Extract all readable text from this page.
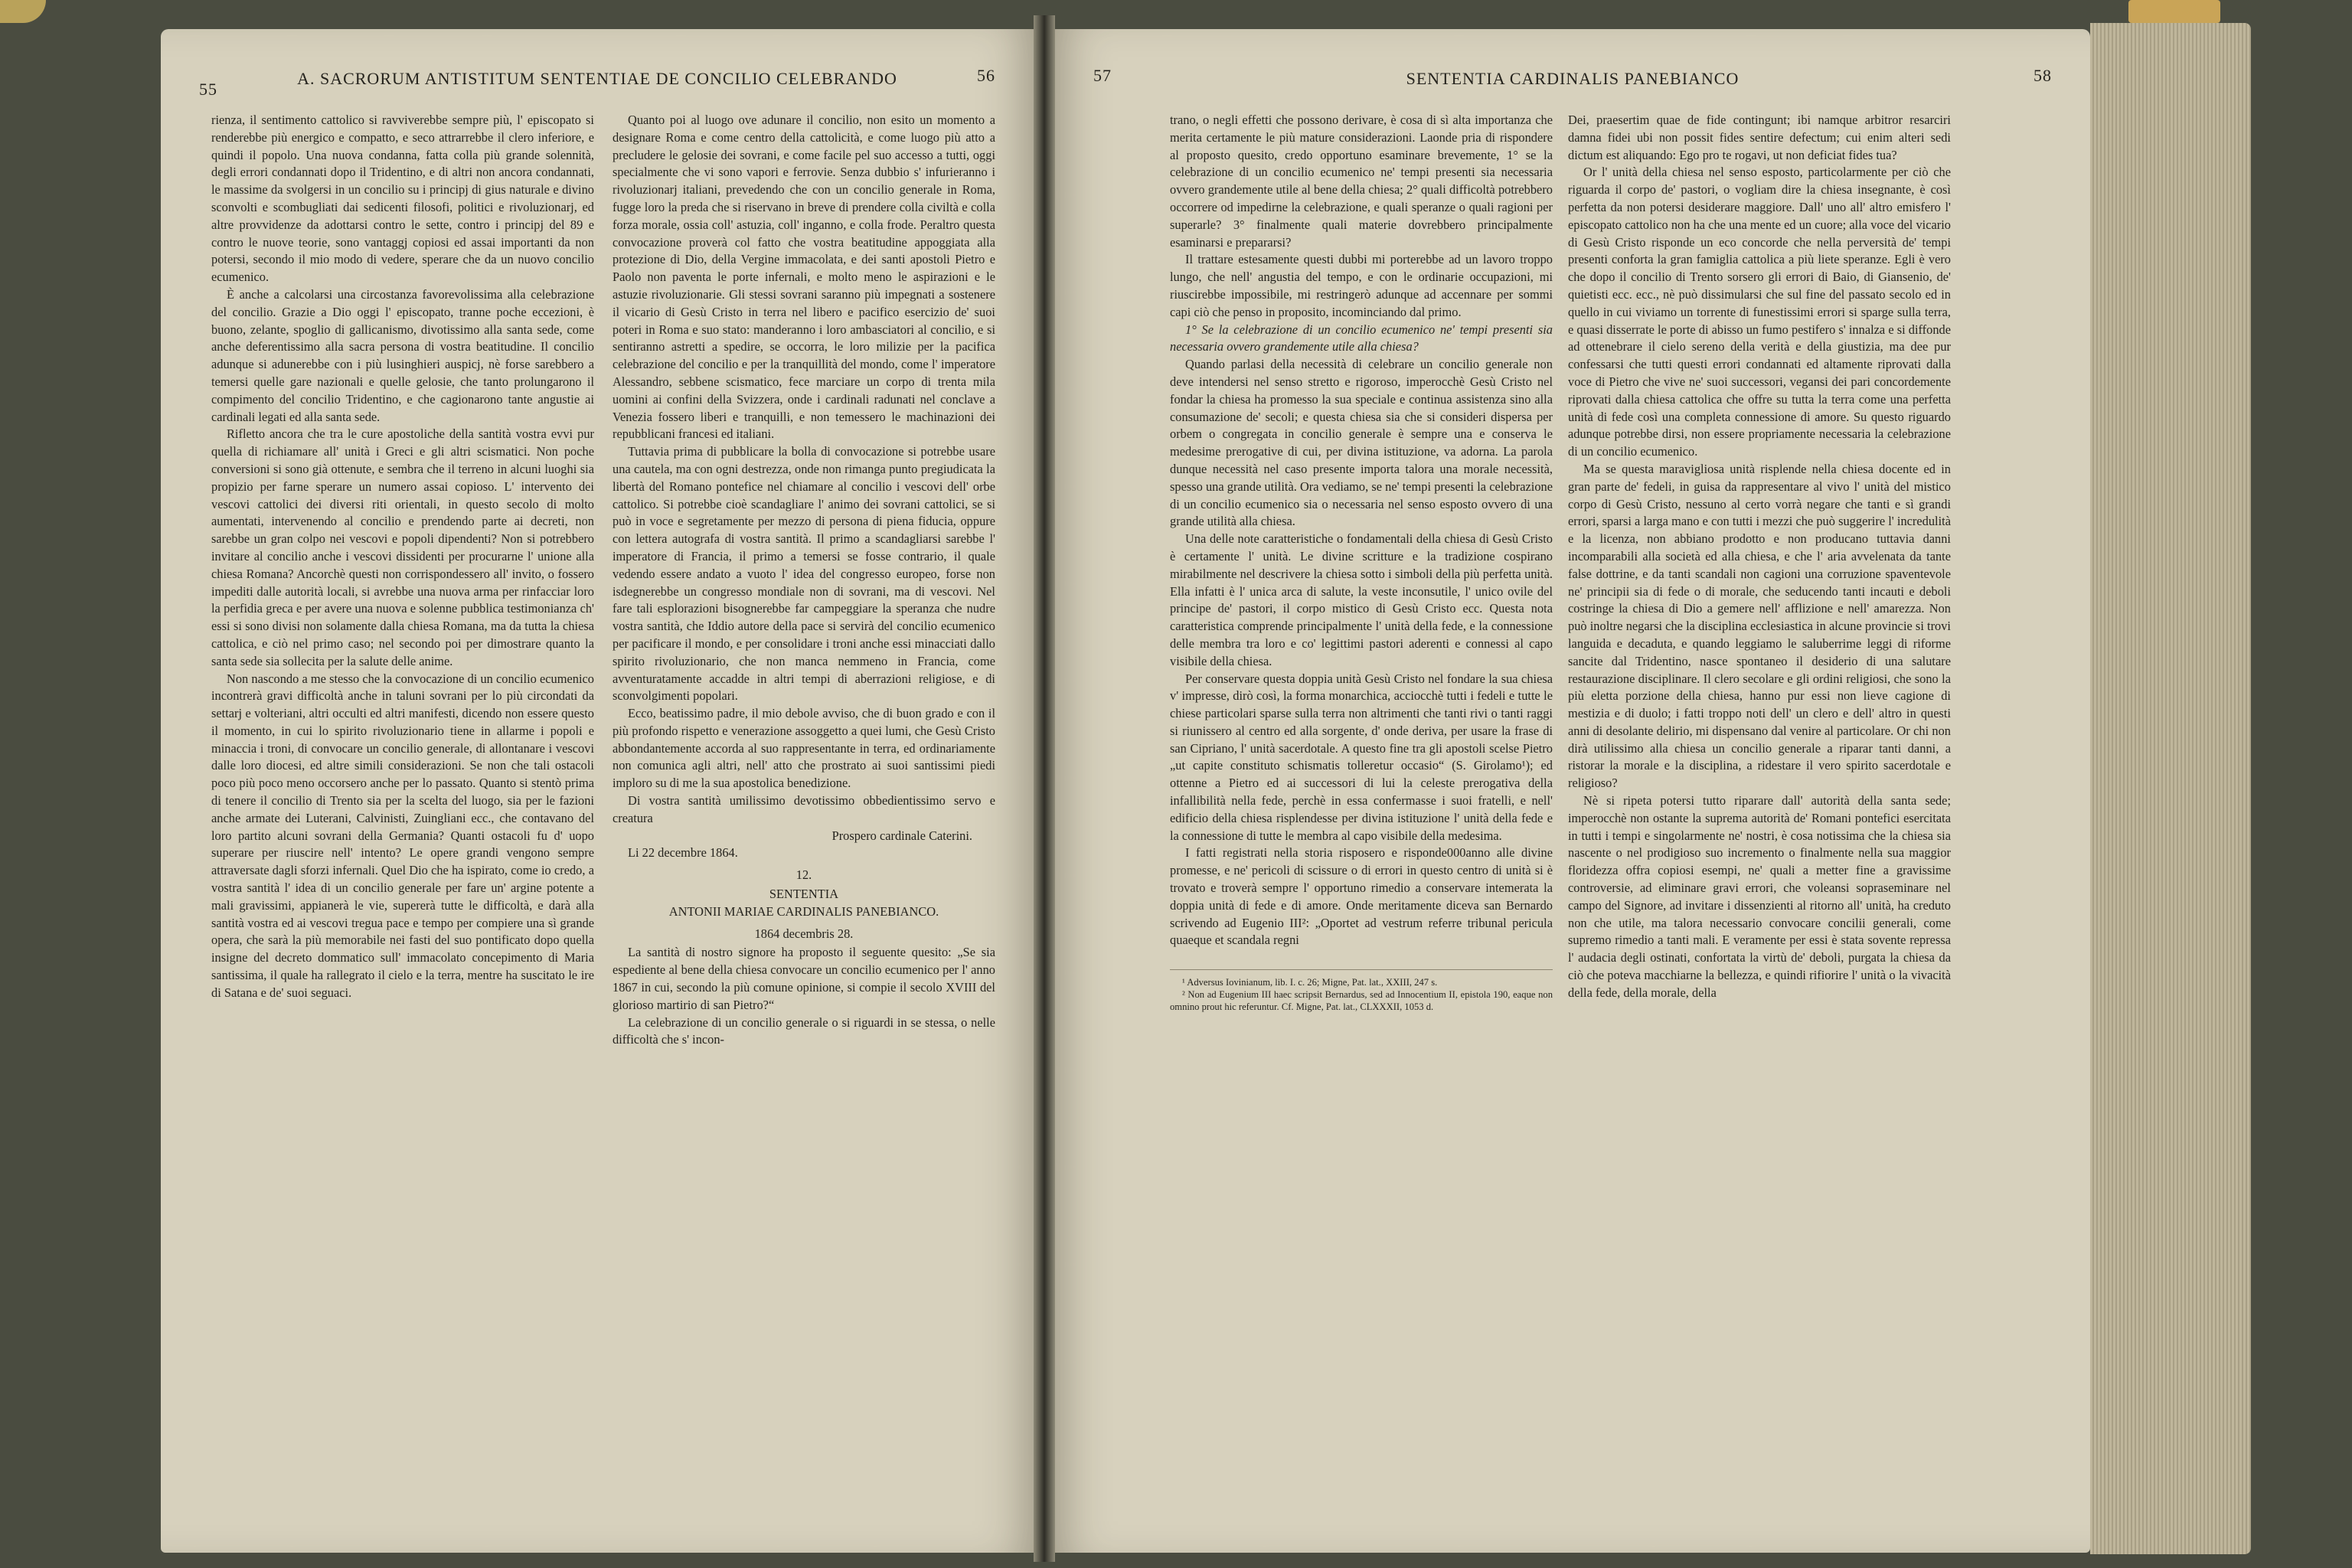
55
A. SACRORUM ANTISTITUM SENTENTIAE DE CONCILIO CELEBRANDO	56

rienza, il sentimento cattolico si ravviverebbe sempre più, l' episcopato si renderebbe più energico e compatto, e seco attrarrebbe il clero inferiore, e quindi il popolo. Una nuova condanna, fatta colla più grande solennità, degli errori condannati dopo il Tridentino, e di altri non ancora condannati, le massime da svolgersi in un concilio su i principj di gius naturale e divino sconvolti e scombugliati dai sedicenti filosofi, politici e rivoluzionarj, ed altre provvidenze da adottarsi contro le sette, contro i principj del 89 e contro le nuove teorie, sono vantaggj copiosi ed assai importanti da non potersi, secondo il mio modo di vedere, sperare che da un nuovo concilio ecumenico.

È anche a calcolarsi una circostanza favorevolissima alla celebrazione del concilio. Grazie a Dio oggi l' episcopato, tranne poche eccezioni, è buono, zelante, spoglio di gallicanismo, divotissimo alla santa sede, come anche deferentissimo alla sacra persona di vostra beatitudine. Il concilio adunque si adunerebbe con i più lusinghieri auspicj, nè forse sarebbero a temersi quelle gare nazionali e quelle gelosie, che tanto prolungarono il compimento del concilio Tridentino, e che cagionarono tante angustie ai cardinali legati ed alla santa sede.

Rifletto ancora che tra le cure apostoliche della santità vostra evvi pur quella di richiamare all' unità i Greci e gli altri scismatici. Non poche conversioni si sono già ottenute, e sembra che il terreno in alcuni luoghi sia propizio per farne sperare un numero assai copioso. L' intervento dei vescovi cattolici dei diversi riti orientali, in questo secolo di molto aumentati, intervenendo al concilio e prendendo parte ai decreti, non sarebbe un gran colpo nei vescovi e popoli dipendenti? Non si potrebbero invitare al concilio anche i vescovi dissidenti per procurarne l' unione alla chiesa Romana? Ancorchè questi non corrispondessero all' invito, o fossero impediti dalle autorità locali, si avrebbe una nuova arma per rinfacciar loro la perfidia greca e per avere una nuova e solenne pubblica testimonianza ch' essi si sono divisi non solamente dalla chiesa Romana, ma da tutta la chiesa cattolica, e ciò nel primo caso; nel secondo poi per dimostrare quanto la santa sede sia sollecita per la salute delle anime.

Non nascondo a me stesso che la convocazione di un concilio ecumenico incontrerà gravi difficoltà anche in taluni sovrani per lo più circondati da settarj e volteriani, altri occulti ed altri manifesti, dicendo non essere questo il momento, in cui lo spirito rivoluzionario tiene in allarme i popoli e minaccia i troni, di convocare un concilio generale, di allontanare i vescovi dalle loro diocesi, ed altre simili considerazioni. Se non che tali ostacoli poco più poco meno occorsero anche per lo passato. Quanto si stentò prima di tenere il concilio di Trento sia per la scelta del luogo, sia per le fazioni anche armate dei Luterani, Calvinisti, Zuingliani ecc., che contavano del loro partito alcuni sovrani della Germania? Quanti ostacoli fu d' uopo superare per riuscire nell' intento? Le opere grandi vengono sempre attraversate dagli sforzi infernali. Quel Dio che ha ispirato, come io credo, a vostra santità l' idea di un concilio generale per fare un' argine potente a mali gravissimi, appianerà le vie, supererà tutte le difficoltà, e darà alla santità vostra ed ai vescovi tregua pace e tempo per compiere una sì grande opera, che sarà la più memorabile nei fasti del suo pontificato dopo quella insigne del decreto dommatico sull' immacolato concepimento di Maria santissima, il quale ha rallegrato il cielo e la terra, mentre ha suscitato le ire di Satana e de' suoi seguaci.

Quanto poi al luogo ove adunare il concilio, non esito un momento a designare Roma e come centro della cattolicità, e come luogo più atto a precludere le gelosie dei sovrani, e come facile pel suo accesso a tutti, oggi specialmente che vi sono vapori e ferrovie. Senza dubbio s' infurieranno i rivoluzionarj italiani, prevedendo che con un concilio generale in Roma, fugge loro la preda che si riservano in breve di prendere colla civiltà e colla forza morale, ossia coll' astuzia, coll' inganno, e colla frode. Peraltro questa convocazione proverà col fatto che vostra beatitudine appoggiata alla protezione di Dio, della Vergine immacolata, e dei santi apostoli Pietro e Paolo non paventa le porte infernali, e molto meno le aspirazioni e le astuzie rivoluzionarie. Gli stessi sovrani saranno più impegnati a sostenere il vicario di Gesù Cristo in terra nel libero e pacifico esercizio de' suoi poteri in Roma e suo stato: manderanno i loro ambasciatori al concilio, e si sentiranno astretti a spedire, se occorra, le loro milizie per la pacifica celebrazione del concilio e per la tranquillità del mondo, come l' imperatore Alessandro, sebbene scismatico, fece marciare un corpo di trenta mila uomini ai confini della Svizzera, onde i cardinali radunati nel conclave a Venezia fossero liberi e tranquilli, e non temessero le machinazioni dei repubblicani francesi ed italiani.

Tuttavia prima di pubblicare la bolla di convocazione si potrebbe usare una cautela, ma con ogni destrezza, onde non rimanga punto pregiudicata la libertà del Romano pontefice nel chiamare al concilio i vescovi dell' orbe cattolico. Si potrebbe cioè scandagliare l' animo dei sovrani cattolici, se si può in voce e segretamente per mezzo di persona di piena fiducia, oppure con lettera autografa di vostra santità. Il primo a scandagliarsi sarebbe l' imperatore di Francia, il primo a temersi se fosse contrario, il quale vedendo essere andato a vuoto l' idea del congresso europeo, forse non isdegnerebbe un congresso mondiale non di sovrani, ma di vescovi. Nel fare tali esplorazioni bisognerebbe far campeggiare la speranza che nudre vostra santità, che Iddio autore della pace si servirà del concilio ecumenico per pacificare il mondo, e per consolidare i troni anche essi minacciati dallo spirito rivoluzionario, che non manca nemmeno in Francia, come avventuratamente accadde in altri tempi di aberrazioni religiose, e di sconvolgimenti popolari.

Ecco, beatissimo padre, il mio debole avviso, che di buon grado e con il più profondo rispetto e venerazione assoggetto a quei lumi, che Gesù Cristo abbondantemente accorda al suo rappresentante in terra, ed ordinariamente non comunica agli altri, nell' atto che prostrato ai suoi santissimi piedi imploro su di me la sua apostolica benedizione.

Di vostra santità umilissimo devotissimo obbedientissimo servo e creatura

Prospero cardinale Caterini.

Li 22 decembre 1864.

12.
SENTENTIA
ANTONII MARIAE CARDINALIS PANEBIANCO.
1864 decembris 28.

La santità di nostro signore ha proposto il seguente quesito: „Se sia espediente al bene della chiesa convocare un concilio ecumenico per l' anno 1867 in cui, secondo la più comune opinione, si compie il secolo XVIII del glorioso martirio di san Pietro?“

La celebrazione di un concilio generale o si riguardi in se stessa, o nelle difficoltà che s' incon-

57	SENTENTIA CARDINALIS PANEBIANCO	58

trano, o negli effetti che possono derivare, è cosa di sì alta importanza che merita certamente le più mature considerazioni. Laonde pria di rispondere al proposto quesito, credo opportuno esaminare brevemente, 1° se la celebrazione di un concilio ecumenico ne' tempi presenti sia necessaria ovvero grandemente utile al bene della chiesa; 2° quali difficoltà potrebbero occorrere od impedirne la celebrazione, e quali speranze o quali ragioni per superarle? 3° finalmente quali materie dovrebbero principalmente esaminarsi e prepararsi?

Il trattare estesamente questi dubbi mi porterebbe ad un lavoro troppo lungo, che nell' angustia del tempo, e con le ordinarie occupazioni, mi riuscirebbe impossibile, mi restringerò adunque ad accennare per sommi capi ciò che penso in proposito, incominciando dal primo.

1° Se la celebrazione di un concilio ecumenico ne' tempi presenti sia necessaria ovvero grandemente utile alla chiesa?

Quando parlasi della necessità di celebrare un concilio generale non deve intendersi nel senso stretto e rigoroso, imperocchè Gesù Cristo nel fondar la chiesa ha promesso la sua speciale e continua assistenza sino alla consumazione de' secoli; e questa chiesa sia che si consideri dispersa per orbem o congregata in concilio generale è sempre una e conserva le medesime prerogative di cui, per divina istituzione, va adorna. La parola dunque necessità nel caso presente importa talora una morale necessità, spesso una grande utilità. Ora vediamo, se ne' tempi presenti la celebrazione di un concilio ecumenico sia o necessaria nel senso esposto ovvero di una grande utilità alla chiesa.

Una delle note caratteristiche o fondamentali della chiesa di Gesù Cristo è certamente l' unità. Le divine scritture e la tradizione cospirano mirabilmente nel descrivere la chiesa sotto i simboli della più perfetta unità. Ella infatti è l' unica arca di salute, la veste inconsutile, l' unico ovile del principe de' pastori, il corpo mistico di Gesù Cristo ecc. Questa nota caratteristica comprende principalmente l' unità della fede, e la connessione delle membra tra loro e co' legittimi pastori aderenti e connessi al capo visibile della chiesa.

Per conservare questa doppia unità Gesù Cristo nel fondare la sua chiesa v' impresse, dirò così, la forma monarchica, acciocchè tutti i fedeli e tutte le chiese particolari sparse sulla terra non altrimenti che tanti rivi o tanti raggi si riunissero al centro ed alla sorgente, d' onde deriva, per usare la frase di san Cipriano, l' unità sacerdotale. A questo fine tra gli apostoli scelse Pietro „ut capite constituto schismatis tolleretur occasio“ (S. Girolamo¹); ed ottenne a Pietro ed ai successori di lui la celeste prerogativa della infallibilità nella fede, perchè in essa confermasse i suoi fratelli, e nell' edificio della chiesa risplendesse per divina istituzione l' unità della fede e la connessione di tutte le membra al capo visibile della medesima.

I fatti registrati nella storia risposero e risponde000anno alle divine promesse, e ne' pericoli di scissure o di errori in questo centro di unità si è trovato e troverà sempre l' opportuno rimedio a conservare intemerata la doppia unità di fede e di amore. Onde meritamente diceva san Bernardo scrivendo ad Eugenio III²: „Oportet ad vestrum referre tribunal pericula quaeque et scandala regni

¹ Adversus Iovinianum, lib. I. c. 26; Migne, Pat. lat., XXIII, 247 s.

² Non ad Eugenium III haec scripsit Bernardus, sed ad Innocentium II, epistola 190, eaque non omnino prout hic referuntur. Cf. Migne, Pat. lat., CLXXXII, 1053 d.

Dei, praesertim quae de fide contingunt; ibi namque arbitror resarciri damna fidei ubi non possit fides sentire defectum; cui enim alteri sedi dictum est aliquando: Ego pro te rogavi, ut non deficiat fides tua?

Or l' unità della chiesa nel senso esposto, particolarmente per ciò che riguarda il corpo de' pastori, o vogliam dire la chiesa insegnante, è così perfetta da non potersi desiderare maggiore. Dall' uno all' altro emisfero l' episcopato cattolico non ha che una mente ed un cuore; alla voce del vicario di Gesù Cristo risponde un eco concorde che nella perversità de' tempi presenti conforta la gran famiglia cattolica a più liete speranze. Egli è vero che dopo il concilio di Trento sorsero gli errori di Baio, di Giansenio, de' quietisti ecc. ecc., nè può dissimularsi che sul fine del passato secolo ed in quello in cui viviamo un torrente di funestissimi errori si sparge sulla terra, e quasi disserrate le porte di abisso un fumo pestifero s' innalza e si diffonde ad ottenebrare il cielo sereno della verità e della giustizia, ma dee pur confessarsi che tutti questi errori condannati ed altamente riprovati dalla voce di Pietro che vive ne' suoi successori, vegansi dei pari concordemente riprovati dalla chiesa cattolica che offre su tutta la terra come una perfetta unità di fede così una completa connessione di amore. Su questo riguardo adunque potrebbe dirsi, non essere propriamente necessaria la celebrazione di un concilio ecumenico.

Ma se questa maravigliosa unità risplende nella chiesa docente ed in gran parte de' fedeli, in guisa da rappresentare al vivo l' unità del mistico corpo di Gesù Cristo, nessuno al certo vorrà negare che tanti e sì grandi errori, sparsi a larga mano e con tutti i mezzi che può suggerire l' incredulità e la licenza, non abbiano prodotto e non producano tuttavia danni incomparabili alla società ed alla chiesa, e che l' aria avvelenata da tante false dottrine, e da tanti scandali non cagioni una corruzione spaventevole ne' principii sia di fede o di morale, che seducendo tanti incauti e deboli costringe la chiesa di Dio a gemere nell' afflizione e nell' amarezza. Non può inoltre negarsi che la disciplina ecclesiastica in alcune provincie si trovi languida e decaduta, e quando leggiamo le saluberrime leggi di riforme sancite dal Tridentino, nasce spontaneo il desiderio di una salutare restaurazione disciplinare. Il clero secolare e gli ordini religiosi, che sono la più eletta porzione della chiesa, hanno pur essi non lieve cagione di mestizia e di duolo; i fatti troppo noti dell' un clero e dell' altro in questi anni di desolante delirio, mi dispensano dal venire al particolare. Or chi non dirà utilissimo alla chiesa un concilio generale a riparar tanti danni, a ristorar la morale e la disciplina, a ridestare il vero spirito sacerdotale e religioso?

Nè si ripeta potersi tutto riparare dall' autorità della santa sede; imperocchè non ostante la suprema autorità de' Romani pontefici esercitata in tutti i tempi e singolarmente ne' nostri, è cosa notissima che la chiesa sia nascente o nel prodigioso suo incremento o finalmente nella sua maggior floridezza offra copiosi esempi, ne' quali a metter fine a gravissime controversie, ad eliminare gravi errori, che voleansi sopraseminare nel campo del Signore, ad invitare i dissenzienti al ritorno all' unità, ha creduto non che utile, ma talora necessario convocare concilii generali, come supremo rimedio a tanti mali. E veramente per essi è stata sovente repressa l' audacia degli ostinati, confortata la virtù de' deboli, purgata la chiesa da ciò che poteva macchiarne la bellezza, e quindi rifiorire l' unità o la vivacità della fede, della morale, della
